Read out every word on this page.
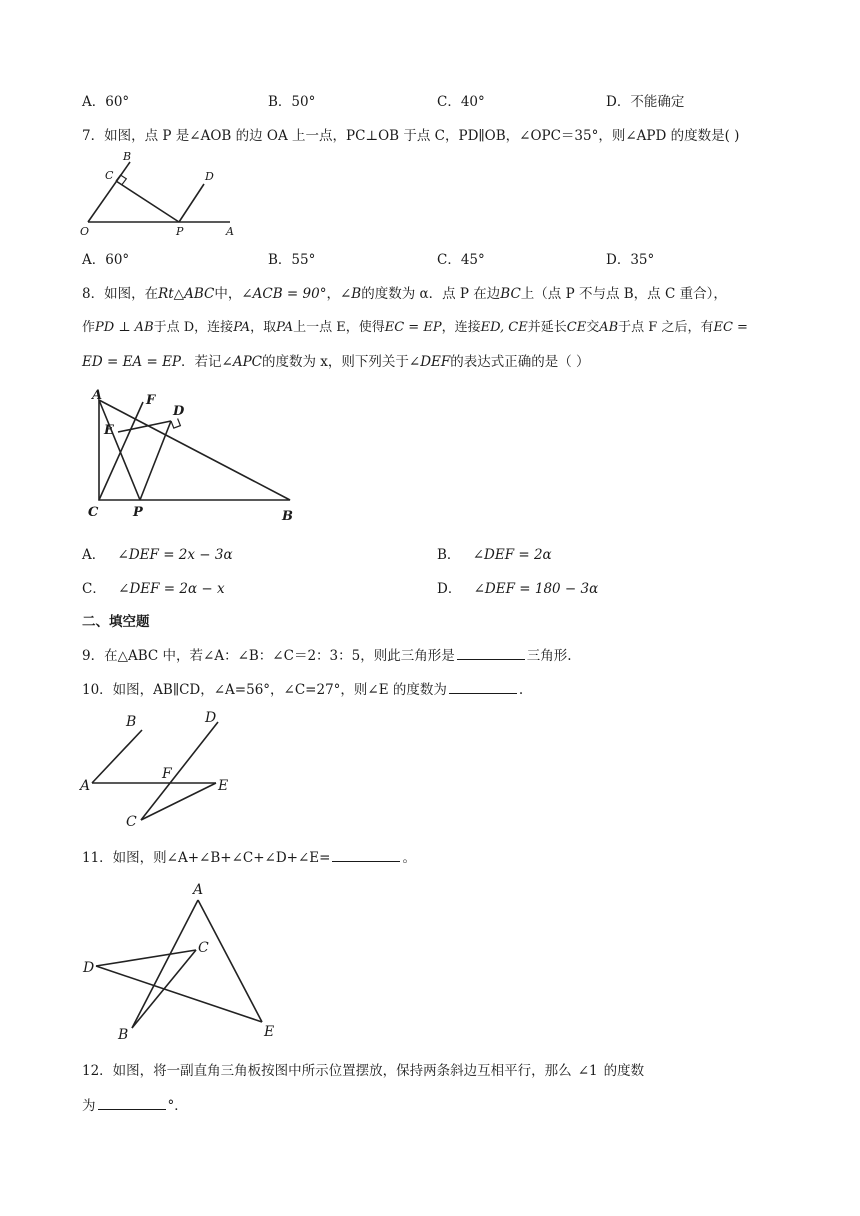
A．60°	B．50°	C．40°	D．不能确定
7．如图，点 P 是∠AOB 的边 OA 上一点，PC⊥OB 于点 C，PD∥OB，∠OPC＝35°，则∠APD 的度数是( )
B
C	D
O	P	A
A．60°	B．55°	C．45°	D．35°
8．如图，在Rt△ABC中，∠ACB = 90°，∠B的度数为 α．点 P 在边BC上（点 P 不与点 B，点 C 重合），
作PD ⊥ AB于点 D，连接PA，取PA上一点 E，使得EC = EP，连接ED, CE并延长CE交AB于点 F 之后，有EC =
ED = EA = EP．若记∠APC的度数为 x，则下列关于∠DEF的表达式正确的是（ ）
A	F
D
E
C	P	B
A． ∠DEF = 2x − 3α	B． ∠DEF = 2α
C． ∠DEF = 2α − x	D． ∠DEF = 180 − 3α
二、填空题
9．在△ABC 中，若∠A：∠B：∠C＝2：3：5，则此三角形是	三角形.
10．如图，AB∥CD，∠A=56°，∠C=27°，则∠E 的度数为	.
B	D
A
F
E
C
11．如图，则∠A+∠B+∠C+∠D+∠E=	。
A
C
D
B	E
12．如图，将一副直角三角板按图中所示位置摆放，保持两条斜边互相平行，那么 ∠1 的度数
为	°．
